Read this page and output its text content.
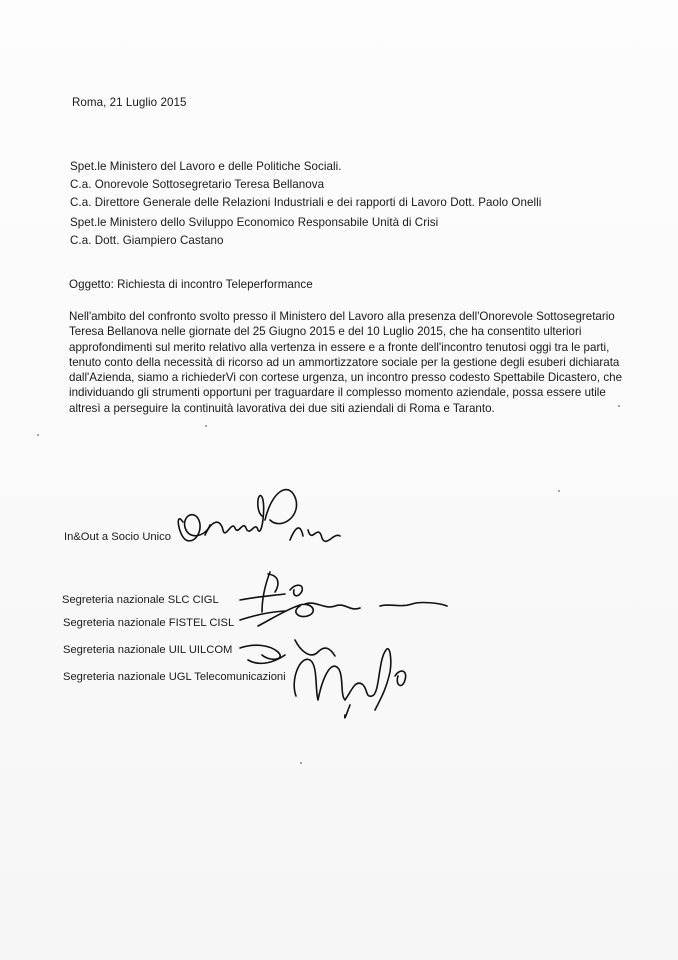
Roma, 21 Luglio 2015
Spet.le Ministero del Lavoro e delle Politiche Sociali.
C.a. Onorevole Sottosegretario Teresa Bellanova
C.a. Direttore Generale delle Relazioni Industriali e dei rapporti di Lavoro Dott. Paolo Onelli
Spet.le Ministero dello Sviluppo Economico Responsabile Unità di Crisi
C.a. Dott. Giampiero Castano
Oggetto: Richiesta di incontro Teleperformance
Nell'ambito del confronto svolto presso il Ministero del Lavoro alla presenza dell'Onorevole Sottosegretario
Teresa Bellanova nelle giornate del 25 Giugno 2015 e del 10 Luglio 2015, che ha consentito ulteriori
approfondimenti sul merito relativo alla vertenza in essere e a fronte dell'incontro tenutosi oggi tra le parti,
tenuto conto della necessità di ricorso ad un ammortizzatore sociale per la gestione degli esuberi dichiarata
dall'Azienda, siamo a richiederVi con cortese urgenza, un incontro presso codesto Spettabile Dicastero, che
individuando gli strumenti opportuni per traguardare il complesso momento aziendale, possa essere utile
altresì a perseguire la continuità lavorativa dei due siti aziendali di Roma e Taranto.
In&Out a Socio Unico
Segreteria nazionale SLC CIGL
Segreteria nazionale FISTEL CISL
Segreteria nazionale UIL UILCOM
Segreteria nazionale UGL Telecomunicazioni
